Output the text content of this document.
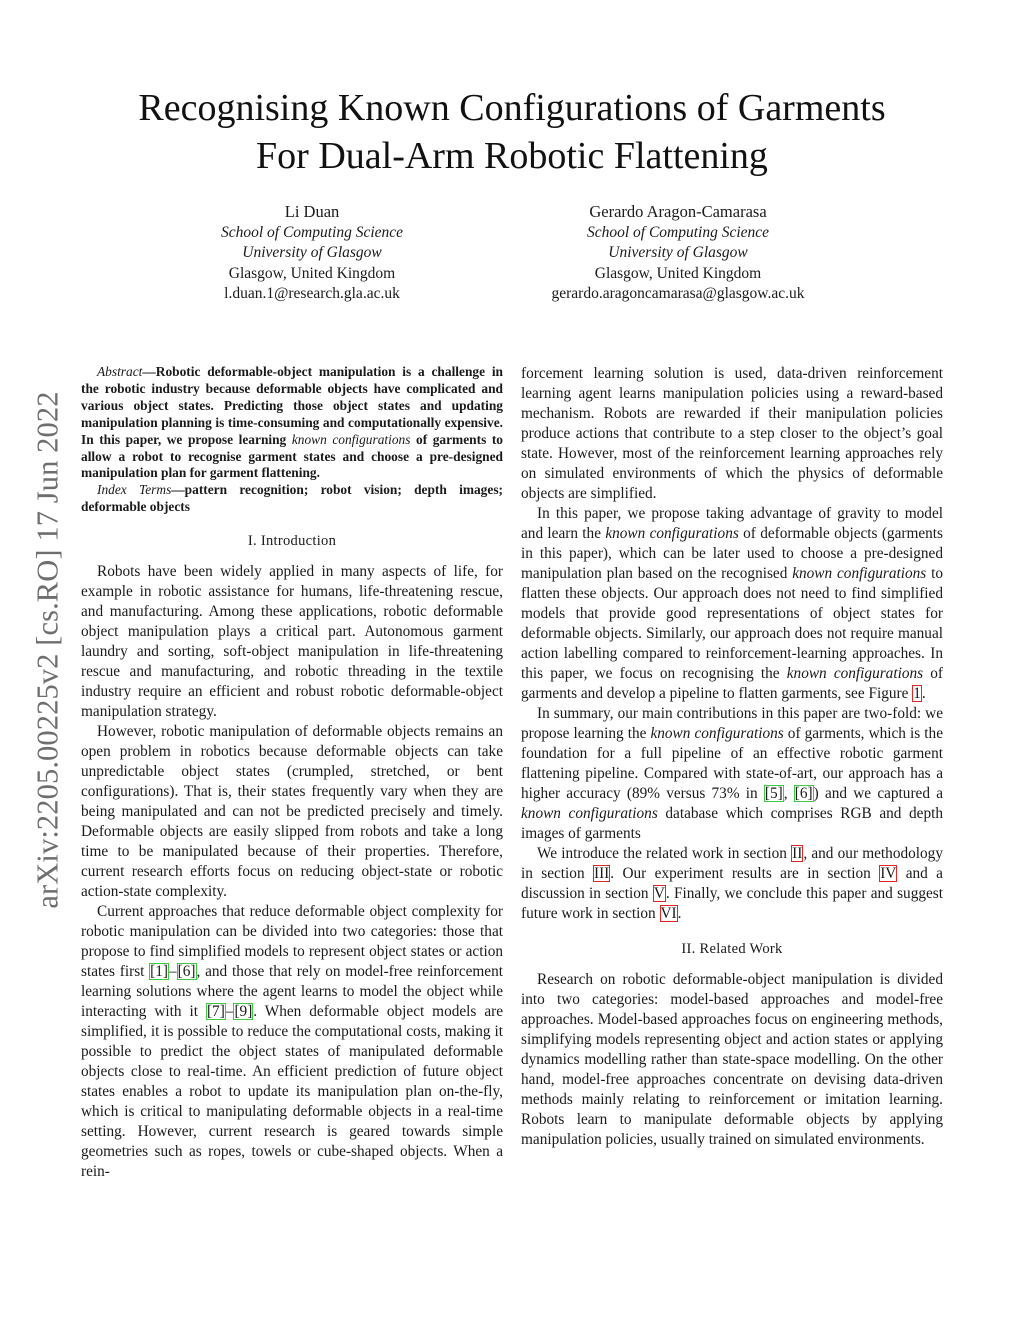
Recognising Known Configurations of Garments
For Dual-Arm Robotic Flattening
Li Duan
School of Computing Science
University of Glasgow
Glasgow, United Kingdom
l.duan.1@research.gla.ac.uk
Gerardo Aragon-Camarasa
School of Computing Science
University of Glasgow
Glasgow, United Kingdom
gerardo.aragoncamarasa@glasgow.ac.uk
arXiv:2205.00225v2 [cs.RO] 17 Jun 2022

Abstract—Robotic deformable-object manipulation is a challenge in the robotic industry because deformable objects have complicated and various object states. Predicting those object states and updating manipulation planning is time-consuming and computationally expensive. In this paper, we propose learning known configurations of garments to allow a robot to recognise garment states and choose a pre-designed manipulation plan for garment flattening.

Index Terms—pattern recognition; robot vision; depth images; deformable objects

I. Introduction

Robots have been widely applied in many aspects of life, for example in robotic assistance for humans, life-threatening rescue, and manufacturing. Among these applications, robotic deformable object manipulation plays a critical part. Autonomous garment laundry and sorting, soft-object manipulation in life-threatening rescue and manufacturing, and robotic threading in the textile industry require an efficient and robust robotic deformable-object manipulation strategy.

However, robotic manipulation of deformable objects remains an open problem in robotics because deformable objects can take unpredictable object states (crumpled, stretched, or bent configurations). That is, their states frequently vary when they are being manipulated and can not be predicted precisely and timely. Deformable objects are easily slipped from robots and take a long time to be manipulated because of their properties. Therefore, current research efforts focus on reducing object-state or robotic action-state complexity.

Current approaches that reduce deformable object complexity for robotic manipulation can be divided into two categories: those that propose to find simplified models to represent object states or action states first [1]–[6], and those that rely on model-free reinforcement learning solutions where the agent learns to model the object while interacting with it [7]–[9]. When deformable object models are simplified, it is possible to reduce the computational costs, making it possible to predict the object states of manipulated deformable objects close to real-time. An efficient prediction of future object states enables a robot to update its manipulation plan on-the-fly, which is critical to manipulating deformable objects in a real-time setting. However, current research is geared towards simple geometries such as ropes, towels or cube-shaped objects. When a rein-

forcement learning solution is used, data-driven reinforcement learning agent learns manipulation policies using a reward-based mechanism. Robots are rewarded if their manipulation policies produce actions that contribute to a step closer to the object’s goal state. However, most of the reinforcement learning approaches rely on simulated environments of which the physics of deformable objects are simplified.

In this paper, we propose taking advantage of gravity to model and learn the known configurations of deformable objects (garments in this paper), which can be later used to choose a pre-designed manipulation plan based on the recognised known configurations to flatten these objects. Our approach does not need to find simplified models that provide good representations of object states for deformable objects. Similarly, our approach does not require manual action labelling compared to reinforcement-learning approaches. In this paper, we focus on recognising the known configurations of garments and develop a pipeline to flatten garments, see Figure 1.

In summary, our main contributions in this paper are two-fold: we propose learning the known configurations of garments, which is the foundation for a full pipeline of an effective robotic garment flattening pipeline. Compared with state-of-art, our approach has a higher accuracy (89% versus 73% in [5], [6]) and we captured a known configurations database which comprises RGB and depth images of garments

We introduce the related work in section II, and our methodology in section III. Our experiment results are in section IV and a discussion in section V. Finally, we conclude this paper and suggest future work in section VI.

II. Related Work

Research on robotic deformable-object manipulation is divided into two categories: model-based approaches and model-free approaches. Model-based approaches focus on engineering methods, simplifying models representing object and action states or applying dynamics modelling rather than state-space modelling. On the other hand, model-free approaches concentrate on devising data-driven methods mainly relating to reinforcement or imitation learning. Robots learn to manipulate deformable objects by applying manipulation policies, usually trained on simulated environments.
